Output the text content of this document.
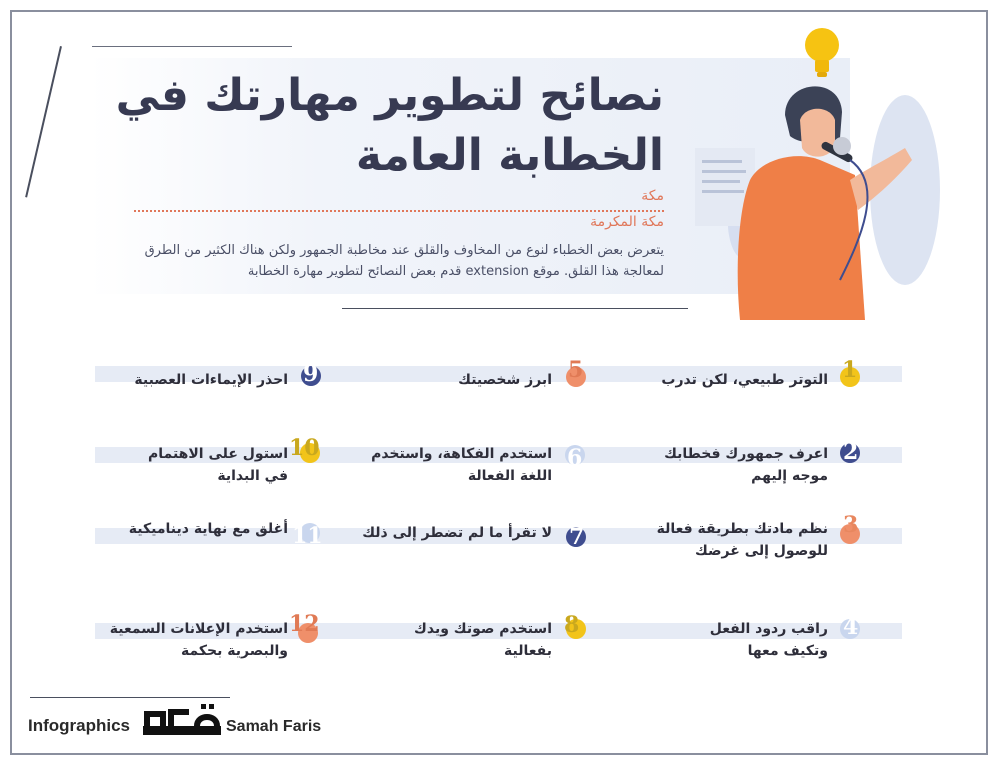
نصائح لتطوير مهارتك في الخطابة العامة
مكة
مكة المكرمة
يتعرض بعض الخطباء لنوع من المخاوف والقلق عند مخاطبة الجمهور ولكن هناك الكثير من الطرق لمعالجة هذا القلق. موقع extension قدم بعض النصائح لتطوير مهارة الخطابة
1
التوتر طبيعي، لكن تدرب
2
اعرف جمهورك فخطابك موجه إليهم
3
نظم مادتك بطريقة فعالة للوصول إلى غرضك
4
راقب ردود الفعل وتكيف معها
5
ابرز شخصيتك
6
استخدم الفكاهة، واستخدم اللغة الفعالة
7
لا تقرأ ما لم تضطر إلى ذلك
8
استخدم صوتك ويدك بفعالية
9
احذر الإيماءات العصبية
10
استول على الاهتمام في البداية
11
أغلق مع نهاية ديناميكية
12
استخدم الإعلانات السمعية والبصرية بحكمة
Infographics	Samah Faris
